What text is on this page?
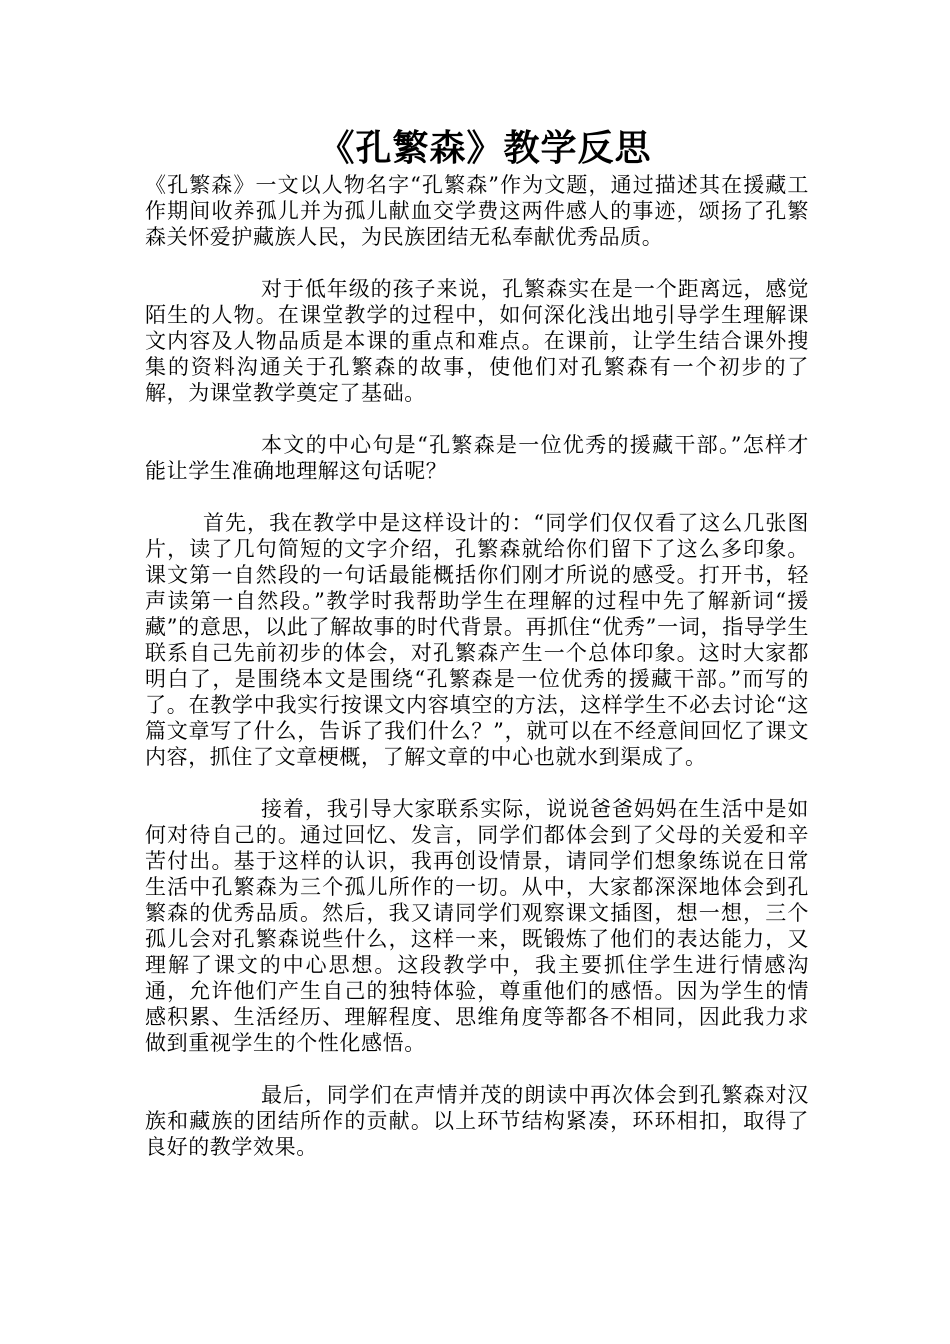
《孔繁森》教学反思

《孔繁森》一文以人物名字“孔繁森”作为文题，通过描述其在援藏工作期间收养孤儿并为孤儿献血交学费这两件感人的事迹，颂扬了孔繁森关怀爱护藏族人民，为民族团结无私奉献优秀品质。

对于低年级的孩子来说，孔繁森实在是一个距离远，感觉陌生的人物。在课堂教学的过程中，如何深化浅出地引导学生理解课文内容及人物品质是本课的重点和难点。在课前，让学生结合课外搜集的资料沟通关于孔繁森的故事，使他们对孔繁森有一个初步的了解，为课堂教学奠定了基础。

本文的中心句是“孔繁森是一位优秀的援藏干部。”怎样才能让学生准确地理解这句话呢？

首先，我在教学中是这样设计的：“同学们仅仅看了这么几张图片，读了几句简短的文字介绍，孔繁森就给你们留下了这么多印象。课文第一自然段的一句话最能概括你们刚才所说的感受。打开书，轻声读第一自然段。”教学时我帮助学生在理解的过程中先了解新词“援藏”的意思，以此了解故事的时代背景。再抓住“优秀”一词，指导学生联系自己先前初步的体会，对孔繁森产生一个总体印象。这时大家都明白了，是围绕本文是围绕“孔繁森是一位优秀的援藏干部。”而写的了。在教学中我实行按课文内容填空的方法，这样学生不必去讨论“这篇文章写了什么，告诉了我们什么？”，就可以在不经意间回忆了课文内容，抓住了文章梗概，了解文章的中心也就水到渠成了。

接着，我引导大家联系实际，说说爸爸妈妈在生活中是如何对待自己的。通过回忆、发言，同学们都体会到了父母的关爱和辛苦付出。基于这样的认识，我再创设情景，请同学们想象练说在日常生活中孔繁森为三个孤儿所作的一切。从中，大家都深深地体会到孔繁森的优秀品质。然后，我又请同学们观察课文插图，想一想，三个孤儿会对孔繁森说些什么，这样一来，既锻炼了他们的表达能力，又理解了课文的中心思想。这段教学中，我主要抓住学生进行情感沟通，允许他们产生自己的独特体验，尊重他们的感悟。因为学生的情感积累、生活经历、理解程度、思维角度等都各不相同，因此我力求做到重视学生的个性化感悟。

最后，同学们在声情并茂的朗读中再次体会到孔繁森对汉族和藏族的团结所作的贡献。以上环节结构紧凑，环环相扣，取得了良好的教学效果。
